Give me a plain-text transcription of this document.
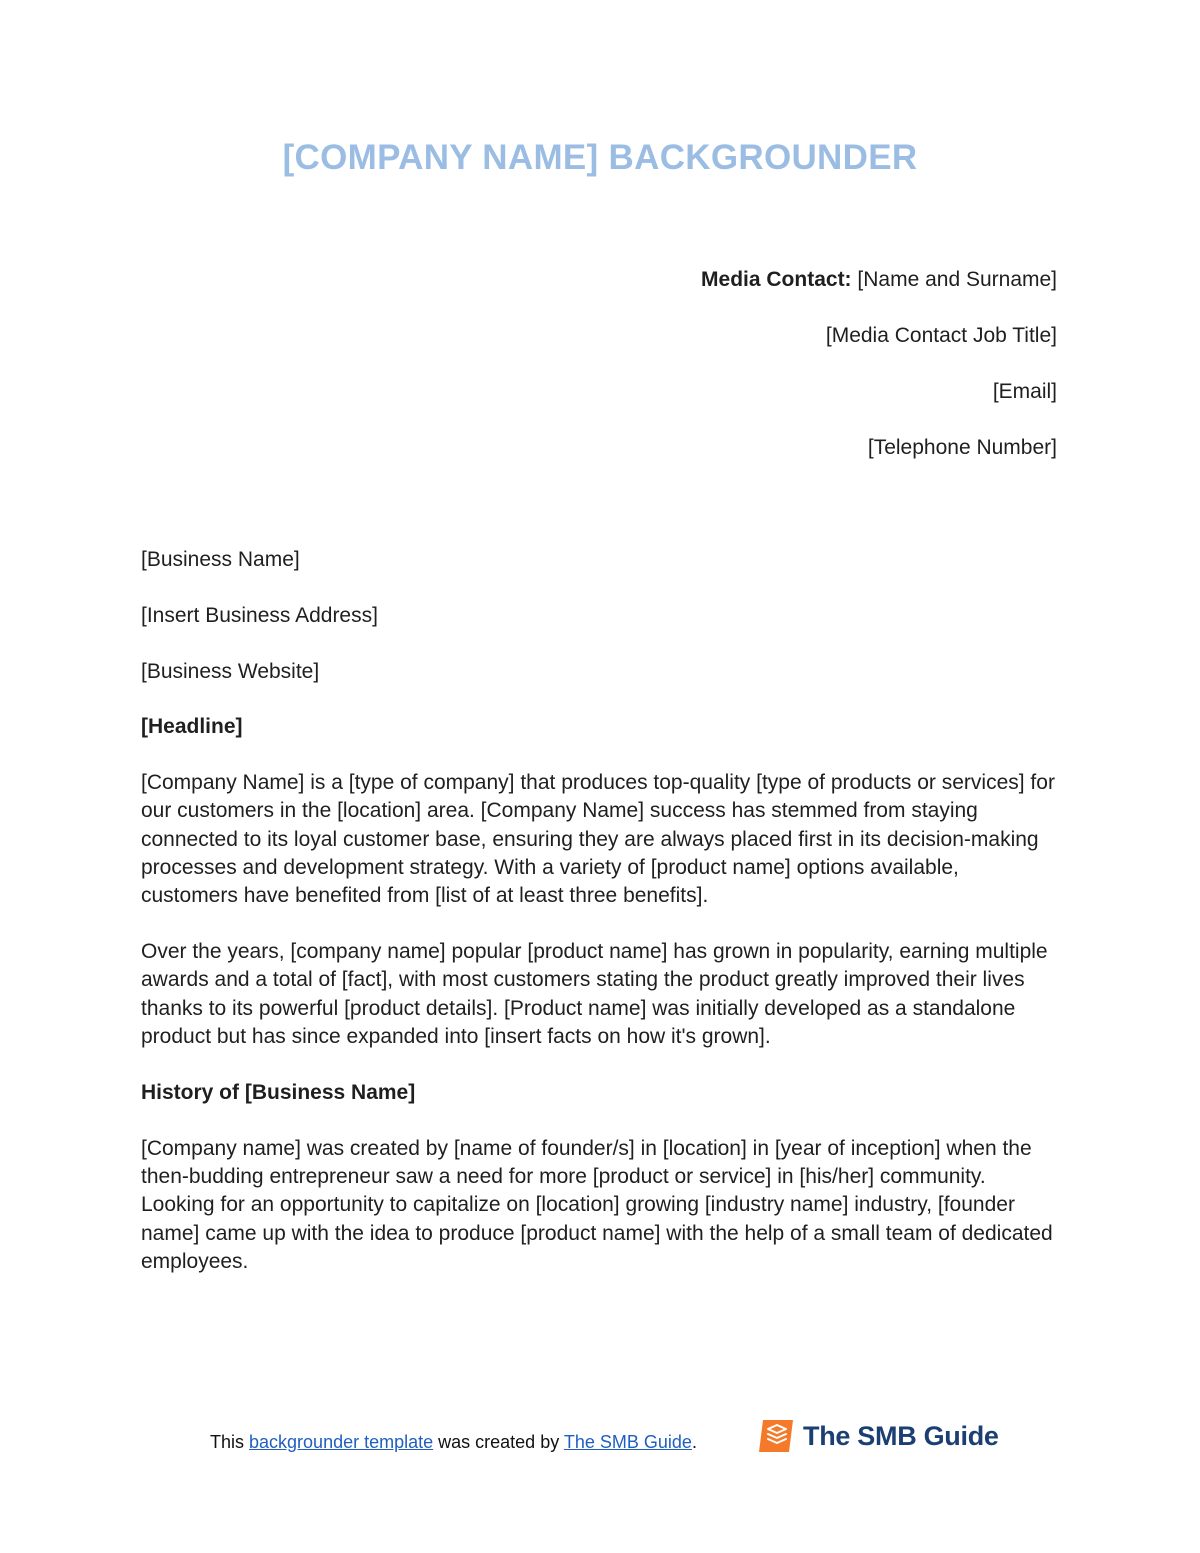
[COMPANY NAME] BACKGROUNDER

Media Contact: [Name and Surname]

[Media Contact Job Title]

[Email]

[Telephone Number]

[Business Name]

[Insert Business Address]

[Business Website]

[Headline]

[Company Name] is a [type of company] that produces top-quality [type of products or services] for our customers in the [location] area. [Company Name] success has stemmed from staying connected to its loyal customer base, ensuring they are always placed first in its decision-making processes and development strategy. With a variety of [product name] options available, customers have benefited from [list of at least three benefits].

Over the years, [company name] popular [product name] has grown in popularity, earning multiple awards and a total of [fact], with most customers stating the product greatly improved their lives thanks to its powerful [product details]. [Product name] was initially developed as a standalone product but has since expanded into [insert facts on how it's grown].

History of [Business Name]

[Company name] was created by [name of founder/s] in [location] in [year of inception] when the then-budding entrepreneur saw a need for more [product or service] in [his/her] community. Looking for an opportunity to capitalize on [location] growing [industry name] industry, [founder name] came up with the idea to produce [product name] with the help of a small team of dedicated employees.

This backgrounder template was created by The SMB Guide.	The SMB Guide
